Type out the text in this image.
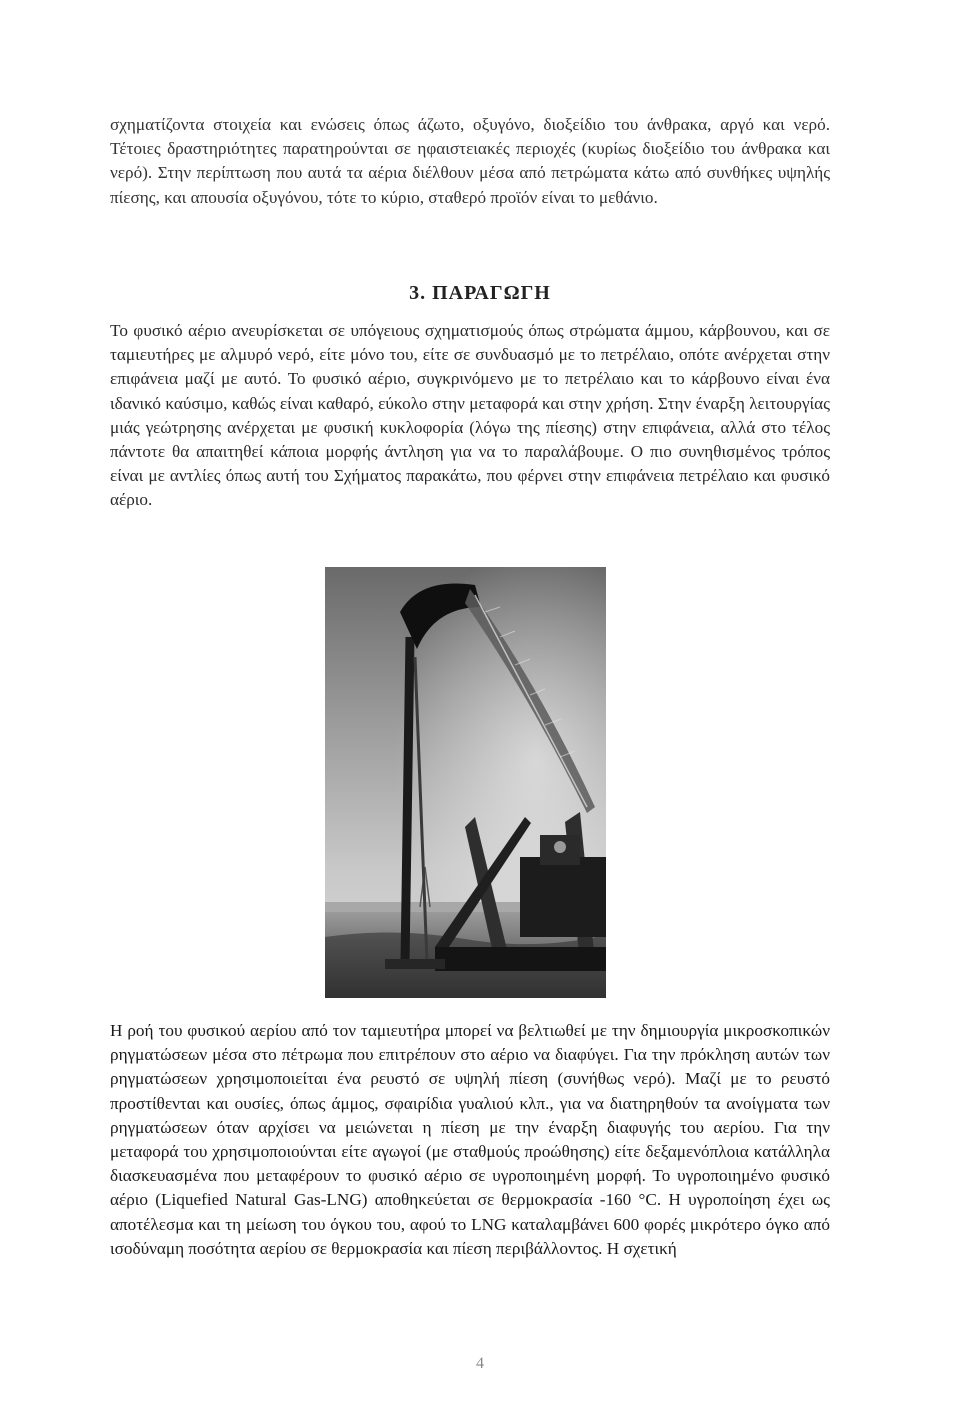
σχηματίζοντα στοιχεία και ενώσεις όπως άζωτο, οξυγόνο, διοξείδιο του άνθρακα, αργό και νερό. Τέτοιες δραστηριότητες παρατηρούνται σε ηφαιστειακές περιοχές (κυρίως διοξείδιο του άνθρακα και νερό). Στην περίπτωση που αυτά τα αέρια διέλθουν μέσα από πετρώματα κάτω από συνθήκες υψηλής πίεσης, και απουσία οξυγόνου, τότε το κύριο, σταθερό προϊόν είναι το μεθάνιο.

3. ΠΑΡΑΓΩΓΗ

Το φυσικό αέριο ανευρίσκεται σε υπόγειους σχηματισμούς όπως στρώματα άμμου, κάρβουνου, και σε ταμιευτήρες με αλμυρό νερό, είτε μόνο του, είτε σε συνδυασμό με το πετρέλαιο, οπότε ανέρχεται στην επιφάνεια μαζί με αυτό. Το φυσικό αέριο, συγκρινόμενο με το πετρέλαιο και το κάρβουνο είναι ένα ιδανικό καύσιμο, καθώς είναι καθαρό, εύκολο στην μεταφορά και στην χρήση. Στην έναρξη λειτουργίας μιάς γεώτρησης ανέρχεται με φυσική κυκλοφορία (λόγω της πίεσης) στην επιφάνεια, αλλά στο τέλος πάντοτε θα απαιτηθεί κάποια μορφής άντληση για να το παραλάβουμε. Ο πιο συνηθισμένος τρόπος είναι με αντλίες όπως αυτή του Σχήματος παρακάτω, που φέρνει στην επιφάνεια πετρέλαιο και φυσικό αέριο.

Η ροή του φυσικού αερίου από τον ταμιευτήρα μπορεί να βελτιωθεί με την δημιουργία μικροσκοπικών ρηγματώσεων μέσα στο πέτρωμα που επιτρέπουν στο αέριο να διαφύγει. Για την πρόκληση αυτών των ρηγματώσεων χρησιμοποιείται ένα ρευστό σε υψηλή πίεση (συνήθως νερό). Μαζί με το ρευστό προστίθενται και ουσίες, όπως άμμος, σφαιρίδια γυαλιού κλπ., για να διατηρηθούν τα ανοίγματα των ρηγματώσεων όταν αρχίσει να μειώνεται η πίεση με την έναρξη διαφυγής του αερίου. Για την μεταφορά του χρησιμοποιούνται είτε αγωγοί (με σταθμούς προώθησης) είτε δεξαμενόπλοια κατάλληλα διασκευασμένα που μεταφέρουν το φυσικό αέριο σε υγροποιημένη μορφή. Το υγροποιημένο φυσικό αέριο (Liquefied Natural Gas-LNG) αποθηκεύεται σε θερμοκρασία -160 °C. Η υγροποίηση έχει ως αποτέλεσμα και τη μείωση του όγκου του, αφού το LNG καταλαμβάνει 600 φορές μικρότερο όγκο από ισοδύναμη ποσότητα αερίου σε θερμοκρασία και πίεση περιβάλλοντος. Η σχετική

4
